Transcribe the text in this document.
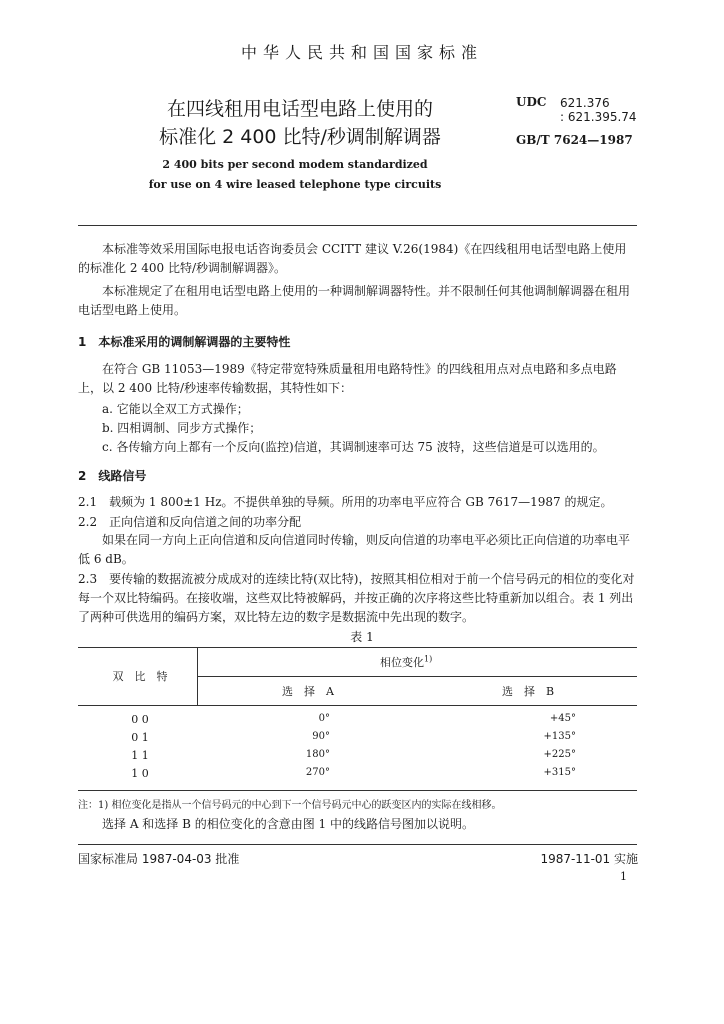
中华人民共和国国家标准
在四线租用电话型电路上使用的
标准化 2 400 比特/秒调制解调器
UDC 621.376
: 621.395.74
GB/T 7624—1987
2 400 bits per second modem standardized
for use on 4 wire leased telephone type circuits
本标准等效采用国际电报电话咨询委员会 CCITT 建议 V.26(1984)《在四线租用电话型电路上使用的标准化 2 400 比特/秒调制解调器》。
本标准规定了在租用电话型电路上使用的一种调制解调器特性。并不限制任何其他调制解调器在租用电话型电路上使用。
1　本标准采用的调制解调器的主要特性
在符合 GB 11053—1989《特定带宽特殊质量租用电路特性》的四线租用点对点电路和多点电路上，以 2 400 比特/秒速率传输数据，其特性如下：
a. 它能以全双工方式操作；
b. 四相调制、同步方式操作；
c. 各传输方向上都有一个反向(监控)信道，其调制速率可达 75 波特，这些信道是可以选用的。
2　线路信号
2.1　载频为 1 800±1 Hz。不提供单独的导频。所用的功率电平应符合 GB 7617—1987 的规定。
2.2　正向信道和反向信道之间的功率分配
如果在同一方向上正向信道和反向信道同时传输，则反向信道的功率电平必须比正向信道的功率电平低 6 dB。
2.3　要传输的数据流被分成成对的连续比特(双比特)，按照其相位相对于前一个信号码元的相位的变化对每一个双比特编码。在接收端，这些双比特被解码，并按正确的次序将这些比特重新加以组合。表 1 列出了两种可供选用的编码方案，双比特左边的数字是数据流中先出现的数字。
表 1
双　比　特
相位变化$^{1)}$
选　择　A	选　择　B
0 0	0°	+45°
0 1	90°	+135°
1 1	180°	+225°
1 0	270°	+315°
注：1) 相位变化是指从一个信号码元的中心到下一个信号码元中心的跃变区内的实际在线相移。
选择 A 和选择 B 的相位变化的含意由图 1 中的线路信号图加以说明。
国家标准局 1987-04-03 批准	1987-11-01 实施
1
